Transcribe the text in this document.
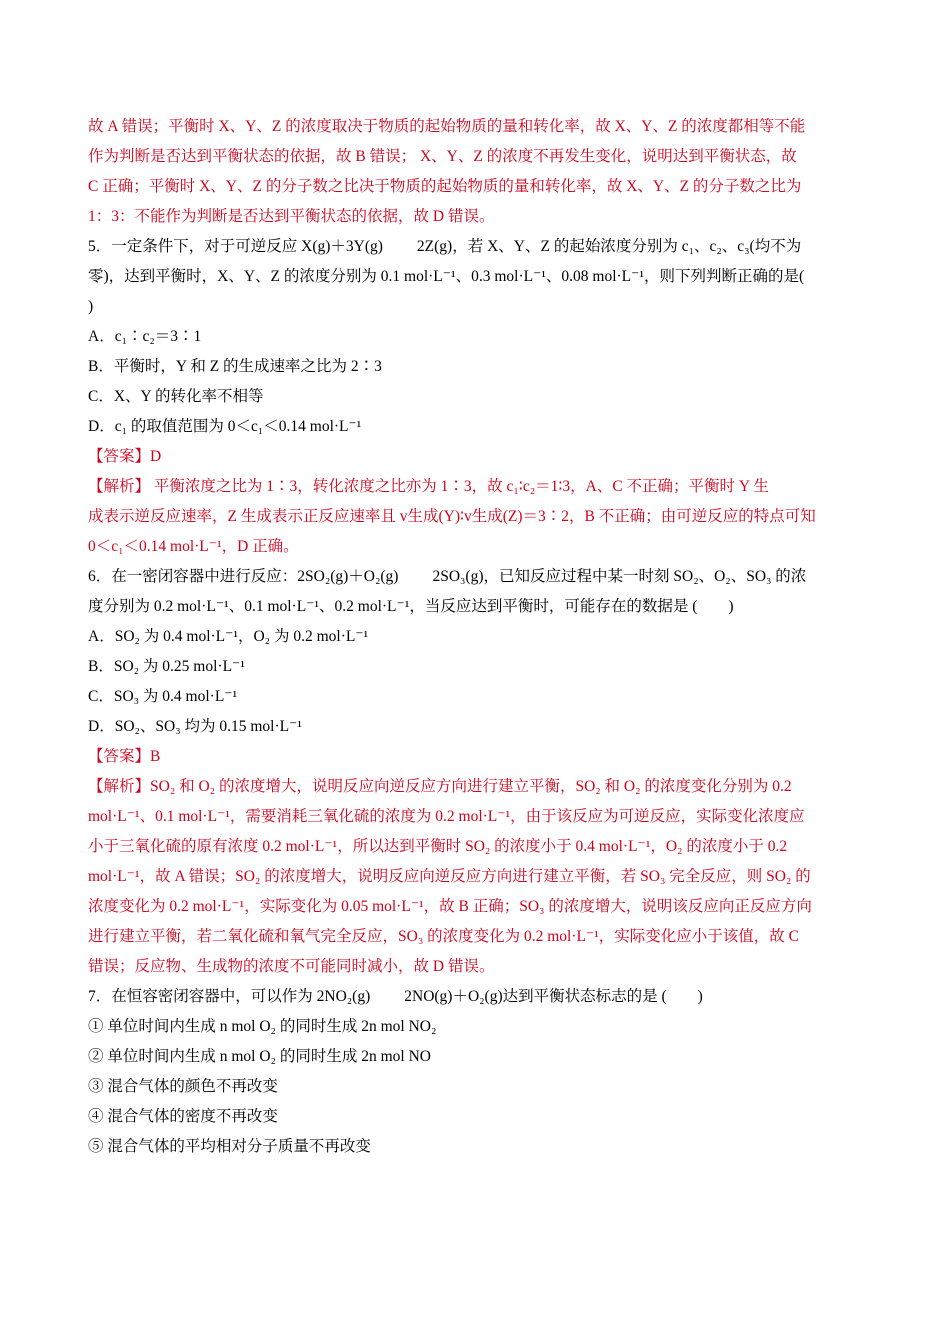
故 A 错误；平衡时 X、Y、Z 的浓度取决于物质的起始物质的量和转化率，故 X、Y、Z 的浓度都相等不能
作为判断是否达到平衡状态的依据，故 B 错误； X、Y、Z 的浓度不再发生变化，说明达到平衡状态，故
C 正确；平衡时 X、Y、Z 的分子数之比决于物质的起始物质的量和转化率，故 X、Y、Z 的分子数之比为
1：3：不能作为判断是否达到平衡状态的依据，故 D 错误。
5．一定条件下，对于可逆反应 X(g)＋3Y(g) 2Z(g)，若 X、Y、Z 的起始浓度分别为 c₁、c₂、c₃(均不为
零)，达到平衡时，X、Y、Z 的浓度分别为 0.1 mol·L⁻¹、0.3 mol·L⁻¹、0.08 mol·L⁻¹，则下列判断正确的是(
)
A．c₁∶c₂＝3∶1
B．平衡时，Y 和 Z 的生成速率之比为 2∶3
C．X、Y 的转化率不相等
D．c₁ 的取值范围为 0＜c₁＜0.14 mol·L⁻¹
【答案】D
【解析】 平衡浓度之比为 1∶3，转化浓度之比亦为 1∶3，故 c₁∶c₂＝1∶3，A、C 不正确；平衡时 Y 生
成表示逆反应速率，Z 生成表示正反应速率且 v生成(Y)∶v生成(Z)＝3∶2，B 不正确；由可逆反应的特点可知
0＜c₁＜0.14 mol·L⁻¹，D 正确。
6．在一密闭容器中进行反应：2SO₂(g)＋O₂(g) 2SO₃(g)，已知反应过程中某一时刻 SO₂、O₂、SO₃ 的浓
度分别为 0.2 mol·L⁻¹、0.1 mol·L⁻¹、0.2 mol·L⁻¹，当反应达到平衡时，可能存在的数据是 (　　)
A．SO₂ 为 0.4 mol·L⁻¹，O₂ 为 0.2 mol·L⁻¹
B．SO₂ 为 0.25 mol·L⁻¹
C．SO₃ 为 0.4 mol·L⁻¹
D．SO₂、SO₃ 均为 0.15 mol·L⁻¹
【答案】B
【解析】SO₂ 和 O₂ 的浓度增大，说明反应向逆反应方向进行建立平衡，SO₂ 和 O₂ 的浓度变化分别为 0.2
mol·L⁻¹、0.1 mol·L⁻¹，需要消耗三氧化硫的浓度为 0.2 mol·L⁻¹，由于该反应为可逆反应，实际变化浓度应
小于三氧化硫的原有浓度 0.2 mol·L⁻¹，所以达到平衡时 SO₂ 的浓度小于 0.4 mol·L⁻¹，O₂ 的浓度小于 0.2
mol·L⁻¹，故 A 错误；SO₂ 的浓度增大，说明反应向逆反应方向进行建立平衡，若 SO₃ 完全反应，则 SO₂ 的
浓度变化为 0.2 mol·L⁻¹，实际变化为 0.05 mol·L⁻¹，故 B 正确；SO₃ 的浓度增大，说明该反应向正反应方向
进行建立平衡，若二氧化硫和氧气完全反应，SO₃ 的浓度变化为 0.2 mol·L⁻¹，实际变化应小于该值，故 C
错误；反应物、生成物的浓度不可能同时减小，故 D 错误。
7．在恒容密闭容器中，可以作为 2NO₂(g) 2NO(g)＋O₂(g)达到平衡状态标志的是 (　　)
① 单位时间内生成 n mol O₂ 的同时生成 2n mol NO₂
② 单位时间内生成 n mol O₂ 的同时生成 2n mol NO
③ 混合气体的颜色不再改变
④ 混合气体的密度不再改变
⑤ 混合气体的平均相对分子质量不再改变
